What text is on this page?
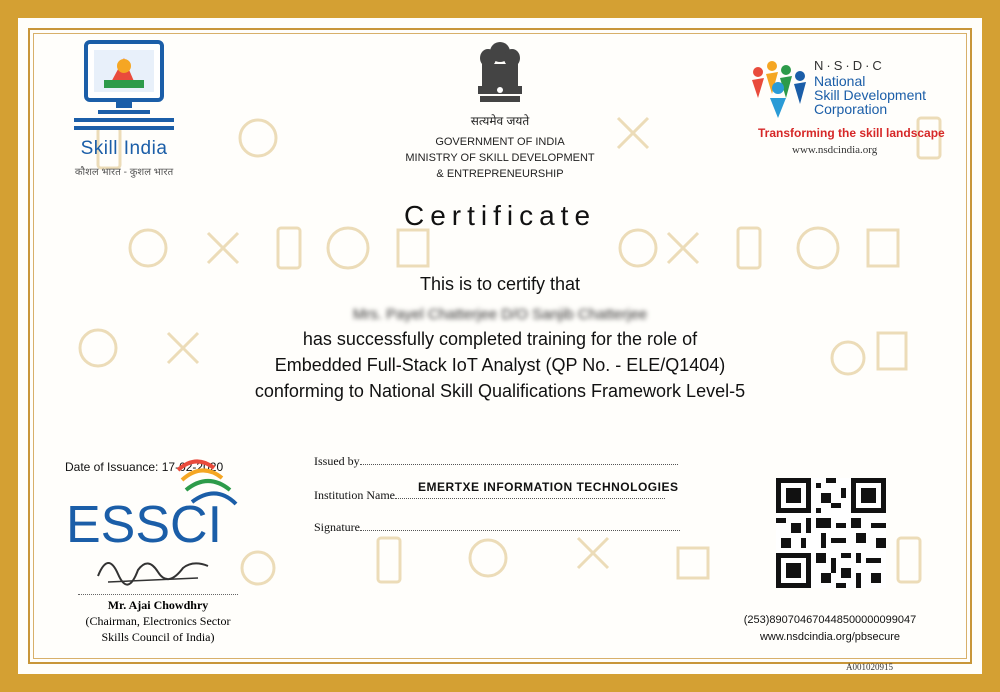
Skill India
कौशल भारत - कुशल भारत
सत्यमेव जयते
GOVERNMENT OF INDIA
MINISTRY OF SKILL DEVELOPMENT
& ENTREPRENEURSHIP
N·S·D·C
National
Skill Development
Corporation
Transforming the skill landscape
www.nsdcindia.org
Certificate
This is to certify that
Mrs. Payel Chatterjee D/O Sanjib Chatterjee
has successfully completed training for the role of
Embedded Full-Stack IoT Analyst (QP No. - ELE/Q1404)
conforming to National Skill Qualifications Framework Level-5
Date of Issuance: 17-02-2020
ESSCI
Mr. Ajai Chowdhry
(Chairman, Electronics Sector
Skills Council of India)
Issued by
EMERTXE INFORMATION TECHNOLOGIES
Institution Name
Signature
(253)890704670448500000099047
www.nsdcindia.org/pbsecure
A001020915
